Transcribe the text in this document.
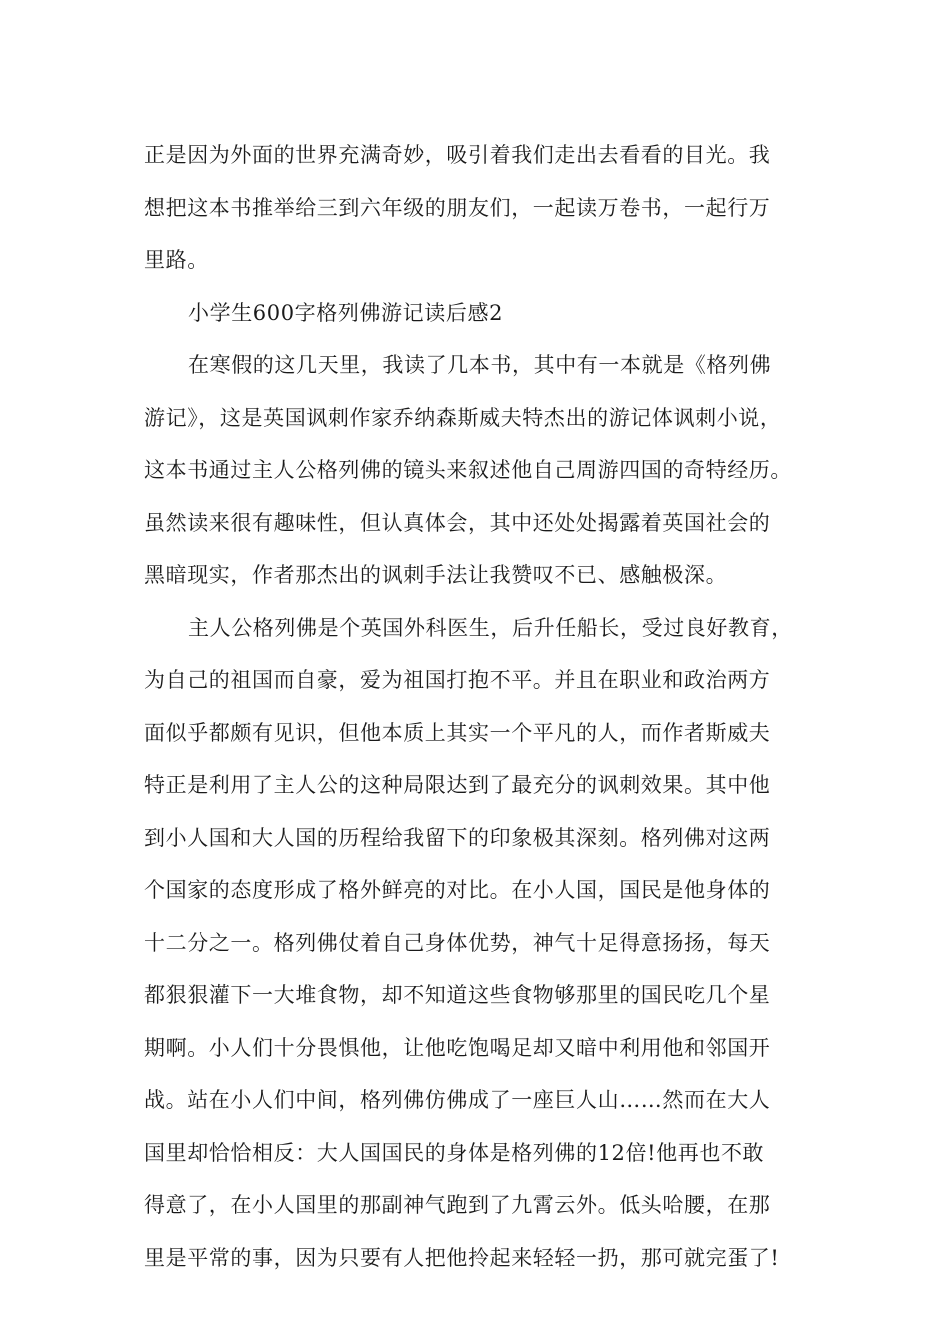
正是因为外面的世界充满奇妙，吸引着我们走出去看看的目光。我
想把这本书推举给三到六年级的朋友们，一起读万卷书，一起行万
里路。
小学生600字格列佛游记读后感2
在寒假的这几天里，我读了几本书，其中有一本就是《格列佛
游记》，这是英国讽刺作家乔纳森斯威夫特杰出的游记体讽刺小说，
这本书通过主人公格列佛的镜头来叙述他自己周游四国的奇特经历。
虽然读来很有趣味性，但认真体会，其中还处处揭露着英国社会的
黑暗现实，作者那杰出的讽刺手法让我赞叹不已、感触极深。
主人公格列佛是个英国外科医生，后升任船长，受过良好教育，
为自己的祖国而自豪，爱为祖国打抱不平。并且在职业和政治两方
面似乎都颇有见识，但他本质上其实一个平凡的人，而作者斯威夫
特正是利用了主人公的这种局限达到了最充分的讽刺效果。其中他
到小人国和大人国的历程给我留下的印象极其深刻。格列佛对这两
个国家的态度形成了格外鲜亮的对比。在小人国，国民是他身体的
十二分之一。格列佛仗着自己身体优势，神气十足得意扬扬，每天
都狠狠灌下一大堆食物，却不知道这些食物够那里的国民吃几个星
期啊。小人们十分畏惧他，让他吃饱喝足却又暗中利用他和邻国开
战。站在小人们中间，格列佛仿佛成了一座巨人山……然而在大人
国里却恰恰相反：大人国国民的身体是格列佛的12倍!他再也不敢
得意了，在小人国里的那副神气跑到了九霄云外。低头哈腰，在那
里是平常的事，因为只要有人把他拎起来轻轻一扔，那可就完蛋了!
